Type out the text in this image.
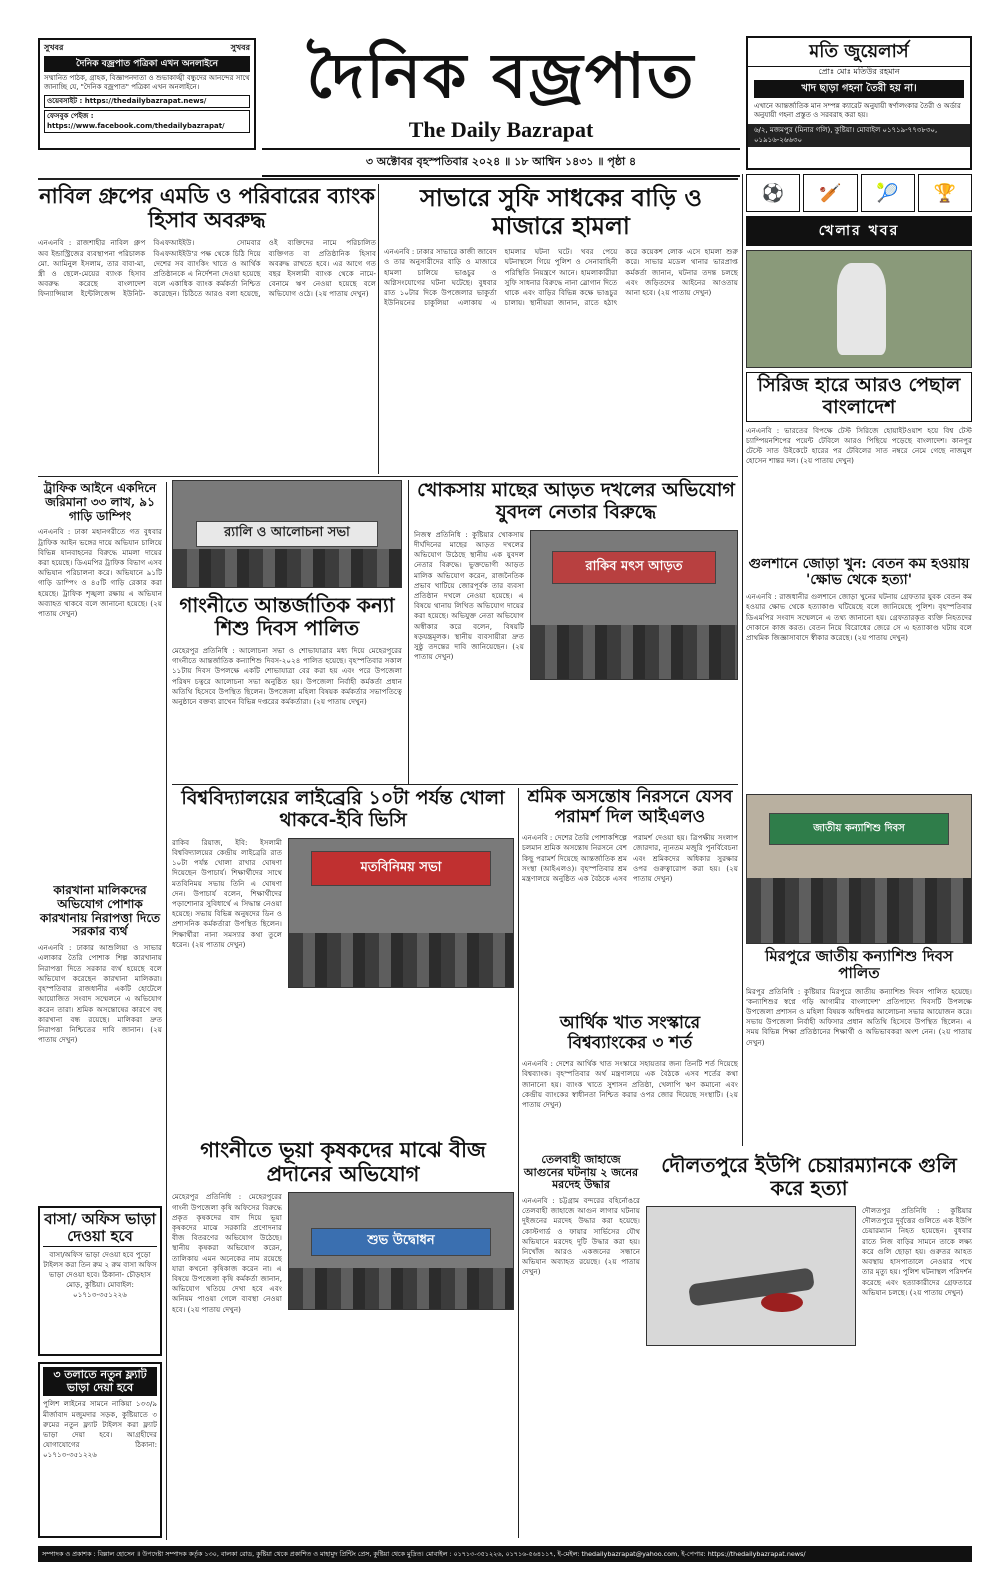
সুখবর	সুখবর
দৈনিক বজ্রপাত পত্রিকা এখন অনলাইনে
সম্মানিত পাঠক, গ্রাহক, বিজ্ঞাপনদাতা ও শুভাকাঙ্খী বন্ধুদের আনন্দের সাথে জানাচ্ছি যে, "দৈনিক বজ্রপাত" পত্রিকা এখন অনলাইনে।
ওয়েবসাইট : https://thedailybazrapat.news/
ফেসবুক পেইজ : https://www.facebook.com/thedailybazrapat/
দৈনিক বজ্রপাত
The Daily Bazrapat
৩ অক্টোবর বৃহস্পতিবার ২০২৪ ॥ ১৮ আশ্বিন ১৪৩১ ॥ পৃষ্ঠা ৪
মতি জুয়েলার্স
প্রোঃ মোঃ মতিউর রহমান
খাদ ছাড়া গহনা তৈরী হয় না।
এখানে আন্তর্জাতিক মান সম্পন্ন ক্যারেট অনুযায়ী স্বর্ণালংকার তৈরী ও অর্ডার অনুযায়ী গহনা প্রস্তুত ও সরবরাহ করা হয়।
৬/২, মজমপুর (মিনার গলি), কুষ্টিয়া। মোবাইল ০১৭১৯-৭৭৩৮৩০, ০১৯১৬-২৬৬৩০
নাবিল গ্রুপের এমডি ও পরিবারের ব্যাংক হিসাব অবরুদ্ধ
এনএনবি : রাজশাহীর নাবিল গ্রুপ অব ইন্ডাস্ট্রিজের ব্যবস্থাপনা পরিচালক মো. আমিনুল ইসলাম, তার বাবা-মা, স্ত্রী ও ছেলে-মেয়ের ব্যাংক হিসাব অবরুদ্ধ করেছে বাংলাদেশ ফিন্যান্সিয়াল ইন্টেলিজেন্স ইউনিট-বিএফআইইউ। সোমবার বিএফআইইউ'র পক্ষ থেকে চিঠি দিয়ে দেশের সব ব্যাংকিং খাতে ও আর্থিক প্রতিষ্ঠানকে এ নির্দেশনা দেওয়া হয়েছে বলে একাধিক ব্যাংক কর্মকর্তা নিশ্চিত করেছেন। চিঠিতে আরও বলা হয়েছে, ওই ব্যক্তিদের নামে পরিচালিত ব্যক্তিগত বা প্রতিষ্ঠানিক হিসাব অবরুদ্ধ রাখতে হবে। এর আগে গত বছর ইসলামী ব্যাংক থেকে নামে-বেনামে ঋণ নেওয়া হয়েছে বলে অভিযোগ ওঠে। (২য় পাতায় দেখুন)
সাভারে সুফি সাধকের বাড়ি ও মাজারে হামলা
এনএনবি : ঢাকার সাভারে কাজী জাবেদ ও তার অনুসারীদের বাড়ি ও মাজারে হামলা চালিয়ে ভাঙচুর ও অগ্নিসংযোগের ঘটনা ঘটেছে। বুধবার রাত ১০টার দিকে উপজেলার ভাকুর্তা ইউনিয়নের চাকুলিয়া এলাকায় এ হামলার ঘটনা ঘটে। খবর পেয়ে ঘটনাস্থলে গিয়ে পুলিশ ও সেনাবাহিনী পরিস্থিতি নিয়ন্ত্রণে আনে। হামলাকারীরা সুফি সাধনার বিরুদ্ধে নানা স্লোগান দিতে থাকে এবং বাড়ির বিভিন্ন কক্ষে ভাঙচুর চালায়। স্থানীয়রা জানান, রাতে হঠাৎ করে কয়েকশ লোক এসে হামলা শুরু করে। সাভার মডেল থানার ভারপ্রাপ্ত কর্মকর্তা জানান, ঘটনার তদন্ত চলছে এবং জড়িতদের আইনের আওতায় আনা হবে। (২য় পাতায় দেখুন)
⚽	🏏	🎾	🏆
খেলার খবর
সিরিজ হারে আরও পেছাল বাংলাদেশ
এনএনবি : ভারতের বিপক্ষে টেস্ট সিরিজে হোয়াইটওয়াশ হয়ে বিশ্ব টেস্ট চ্যাম্পিয়নশিপের পয়েন্ট টেবিলে আরও পিছিয়ে পড়েছে বাংলাদেশ। কানপুর টেস্টে সাত উইকেটে হারের পর টেবিলের সাত নম্বরে নেমে গেছে নাজমুল হোসেন শান্তর দল। (২য় পাতায় দেখুন)
ট্রাফিক আইনে একদিনে জরিমানা ৩৩ লাখ, ৯১ গাড়ি ডাম্পিং
এনএনবি : ঢাকা মহানগরীতে গত বুধবার ট্রাফিক আইন ভঙ্গের দায়ে অভিযান চালিয়ে বিভিন্ন যানবাহনের বিরুদ্ধে মামলা দায়ের করা হয়েছে। ডিএমপির ট্রাফিক বিভাগ এসব অভিযান পরিচালনা করে। অভিযানে ৯১টি গাড়ি ডাম্পিং ও ৪৫টি গাড়ি রেকার করা হয়েছে। ট্রাফিক শৃঙ্খলা রক্ষায় এ অভিযান অব্যাহত থাকবে বলে জানানো হয়েছে। (২য় পাতায় দেখুন)
কারখানা মালিকদের অভিযোগ পোশাক কারখানায় নিরাপত্তা দিতে সরকার ব্যর্থ
এনএনবি : ঢাকার আশুলিয়া ও সাভার এলাকার তৈরি পোশাক শিল্প কারখানায় নিরাপত্তা দিতে সরকার ব্যর্থ হয়েছে বলে অভিযোগ করেছেন কারখানা মালিকরা। বৃহস্পতিবার রাজধানীর একটি হোটেলে আয়োজিত সংবাদ সম্মেলনে এ অভিযোগ করেন তারা। শ্রমিক অসন্তোষের কারণে বহু কারখানা বন্ধ রয়েছে। মালিকরা দ্রুত নিরাপত্তা নিশ্চিতের দাবি জানান। (২য় পাতায় দেখুন)
বাসা/ অফিস ভাড়া দেওয়া হবে
বাসা/অফিস ভাড়া দেওয়া হবে পুড়ো টাইলস করা তিন রুম ২ রুম বাসা অফিস ভাড়া দেওয়া হবে। ঠিকানা- চৌড়হাস মোড়, কুষ্টিয়া। মোবাইল: ০১৭১৩-৩৫১২২৬
৩ তলাতে নতুন ফ্ল্যাট ভাড়া দেয়া হবে
পুলিশ লাইনের সামনে নাকিয়া ১৩৩/৯ মীর্জাবাদ মজুমদার সড়ক, কুষ্টিয়াতে ৩ রুমের নতুন ফ্ল্যাট টাইলস করা ফ্ল্যাট ভাড়া দেয়া হবে। আগ্রহীদের যোগাযোগের ঠিকানা: ০১৭১৩-৩৫১২২৬
র‍্যালি ও আলোচনা সভা
গাংনীতে আন্তর্জাতিক কন্যা শিশু দিবস পালিত
মেহেরপুর প্রতিনিধি : আলোচনা সভা ও শোভাযাত্রার মধ্য দিয়ে মেহেরপুরের গাংনীতে আন্তর্জাতিক কন্যাশিশু দিবস-২০২৪ পালিত হয়েছে। বৃহস্পতিবার সকাল ১১টায় দিবস উপলক্ষে একটি শোভাযাত্রা বের করা হয় এবং পরে উপজেলা পরিষদ চত্বরে আলোচনা সভা অনুষ্ঠিত হয়। উপজেলা নির্বাহী কর্মকর্তা প্রধান অতিথি হিসেবে উপস্থিত ছিলেন। উপজেলা মহিলা বিষয়ক কর্মকর্তার সভাপতিত্বে অনুষ্ঠানে বক্তব্য রাখেন বিভিন্ন দপ্তরের কর্মকর্তারা। (২য় পাতায় দেখুন)
খোকসায় মাছের আড়ত দখলের অভিযোগ যুবদল নেতার বিরুদ্ধে
নিজস্ব প্রতিনিধি : কুষ্টিয়ার খোকসায় দীর্ঘদিনের মাছের আড়ত দখলের অভিযোগ উঠেছে স্থানীয় এক যুবদল নেতার বিরুদ্ধে। ভুক্তভোগী আড়ত মালিক অভিযোগ করেন, রাজনৈতিক প্রভাব খাটিয়ে জোরপূর্বক তার ব্যবসা প্রতিষ্ঠান দখলে নেওয়া হয়েছে। এ বিষয়ে থানায় লিখিত অভিযোগ দায়ের করা হয়েছে। অভিযুক্ত নেতা অভিযোগ অস্বীকার করে বলেন, বিষয়টি ষড়যন্ত্রমূলক। স্থানীয় ব্যবসায়ীরা দ্রুত সুষ্ঠু তদন্তের দাবি জানিয়েছেন। (২য় পাতায় দেখুন)
রাকিব মৎস আড়ত
বিশ্ববিদ্যালয়ের লাইব্রেরি ১০টা পর্যন্ত খোলা থাকবে-ইবি ভিসি
রাকিব রিয়াজ, ইবি: ইসলামী বিশ্ববিদ্যালয়ের কেন্দ্রীয় লাইব্রেরি রাত ১০টা পর্যন্ত খোলা রাখার ঘোষণা দিয়েছেন উপাচার্য। শিক্ষার্থীদের সাথে মতবিনিময় সভায় তিনি এ ঘোষণা দেন। উপাচার্য বলেন, শিক্ষার্থীদের পড়াশোনার সুবিধার্থে এ সিদ্ধান্ত নেওয়া হয়েছে। সভায় বিভিন্ন অনুষদের ডিন ও প্রশাসনিক কর্মকর্তারা উপস্থিত ছিলেন। শিক্ষার্থীরা নানা সমস্যার কথা তুলে ধরেন। (২য় পাতায় দেখুন)
মতবিনিময় সভা
শ্রমিক অসন্তোষ নিরসনে যেসব পরামর্শ দিল আইএলও
এনএনবি : দেশের তৈরি পোশাকশিল্পে চলমান শ্রমিক অসন্তোষ নিরসনে বেশ কিছু পরামর্শ দিয়েছে আন্তর্জাতিক শ্রম সংস্থা (আইএলও)। বৃহস্পতিবার শ্রম মন্ত্রণালয়ে অনুষ্ঠিত এক বৈঠকে এসব পরামর্শ দেওয়া হয়। ত্রিপক্ষীয় সংলাপ জোরদার, ন্যূনতম মজুরি পুনর্বিবেচনা এবং শ্রমিকদের অধিকার সুরক্ষার ওপর গুরুত্বারোপ করা হয়। (২য় পাতায় দেখুন)
আর্থিক খাত সংস্কারে বিশ্বব্যাংকের ৩ শর্ত
এনএনবি : দেশের আর্থিক খাত সংস্কারে সহায়তার জন্য তিনটি শর্ত দিয়েছে বিশ্বব্যাংক। বৃহস্পতিবার অর্থ মন্ত্রণালয়ে এক বৈঠকে এসব শর্তের কথা জানানো হয়। ব্যাংক খাতে সুশাসন প্রতিষ্ঠা, খেলাপি ঋণ কমানো এবং কেন্দ্রীয় ব্যাংকের স্বাধীনতা নিশ্চিত করার ওপর জোর দিয়েছে সংস্থাটি। (২য় পাতায় দেখুন)
গাংনীতে ভূয়া কৃষকদের মাঝে বীজ প্রদানের অভিযোগ
মেহেরপুর প্রতিনিধি : মেহেরপুরের গাংনী উপজেলা কৃষি অফিসের বিরুদ্ধে প্রকৃত কৃষকদের বাদ দিয়ে ভূয়া কৃষকদের মাঝে সরকারি প্রণোদনার বীজ বিতরণের অভিযোগ উঠেছে। স্থানীয় কৃষকরা অভিযোগ করেন, তালিকায় এমন অনেকের নাম রয়েছে যারা কখনো কৃষিকাজ করেন না। এ বিষয়ে উপজেলা কৃষি কর্মকর্তা জানান, অভিযোগ খতিয়ে দেখা হবে এবং অনিয়ম পাওয়া গেলে ব্যবস্থা নেওয়া হবে। (২য় পাতায় দেখুন)
শুভ উদ্বোধন
তেলবাহী জাহাজে আগুনের ঘটনায় ২ জনের মরদেহ উদ্ধার
এনএনবি : চট্টগ্রাম বন্দরের বহির্নোঙরে তেলবাহী জাহাজে আগুন লাগার ঘটনায় দুইজনের মরদেহ উদ্ধার করা হয়েছে। কোস্টগার্ড ও ফায়ার সার্ভিসের যৌথ অভিযানে মরদেহ দুটি উদ্ধার করা হয়। নিখোঁজ আরও একজনের সন্ধানে অভিযান অব্যাহত রয়েছে। (২য় পাতায় দেখুন)
দৌলতপুরে ইউপি চেয়ারম্যানকে গুলি করে হত্যা
দৌলতপুর প্রতিনিধি : কুষ্টিয়ার দৌলতপুরে দুর্বৃত্তের গুলিতে এক ইউপি চেয়ারম্যান নিহত হয়েছেন। বুধবার রাতে নিজ বাড়ির সামনে তাকে লক্ষ্য করে গুলি ছোড়া হয়। গুরুতর আহত অবস্থায় হাসপাতালে নেওয়ার পথে তার মৃত্যু হয়। পুলিশ ঘটনাস্থল পরিদর্শন করেছে এবং হত্যাকারীদের গ্রেফতারে অভিযান চলছে। (২য় পাতায় দেখুন)
গুলশানে জোড়া খুন: বেতন কম হওয়ায় 'ক্ষোভ থেকে হত্যা'
এনএনবি : রাজধানীর গুলশানে জোড়া খুনের ঘটনায় গ্রেফতার যুবক বেতন কম হওয়ার ক্ষোভ থেকে হত্যাকাণ্ড ঘটিয়েছে বলে জানিয়েছে পুলিশ। বৃহস্পতিবার ডিএমপির সংবাদ সম্মেলনে এ তথ্য জানানো হয়। গ্রেফতারকৃত ব্যক্তি নিহতদের দোকানে কাজ করত। বেতন নিয়ে বিরোধের জেরে সে এ হত্যাকাণ্ড ঘটায় বলে প্রাথমিক জিজ্ঞাসাবাদে স্বীকার করেছে। (২য় পাতায় দেখুন)
জাতীয় কন্যাশিশু দিবস
মিরপুরে জাতীয় কন্যাশিশু দিবস পালিত
মিরপুর প্রতিনিধি : কুষ্টিয়ার মিরপুরে জাতীয় কন্যাশিশু দিবস পালিত হয়েছে। 'কন্যাশিশুর স্বপ্নে গড়ি আগামীর বাংলাদেশ' প্রতিপাদ্যে দিবসটি উপলক্ষে উপজেলা প্রশাসন ও মহিলা বিষয়ক অধিদপ্তর আলোচনা সভার আয়োজন করে। সভায় উপজেলা নির্বাহী অফিসার প্রধান অতিথি হিসেবে উপস্থিত ছিলেন। এ সময় বিভিন্ন শিক্ষা প্রতিষ্ঠানের শিক্ষার্থী ও অভিভাবকরা অংশ নেন। (২য় পাতায় দেখুন)
সম্পাদক ও প্রকাশক : বিল্লাল হোসেন ॥ উপদেষ্টা সম্পাদক কর্তৃক ১৩০, বালকা রোড, কুষ্টিয়া থেকে প্রকাশিত ও মাহামুদ প্রিন্টিং প্রেস, কুষ্টিয়া থেকে মুদ্রিত। মোবাইল : ০১৭১৩-৩৫১২২৬, ০১৭১৬-৫৬৪১১৭, ই-মেইল: thedailybazrapat@yahoo.com, ই-পেপার: https://thedailybazrapat.news/
